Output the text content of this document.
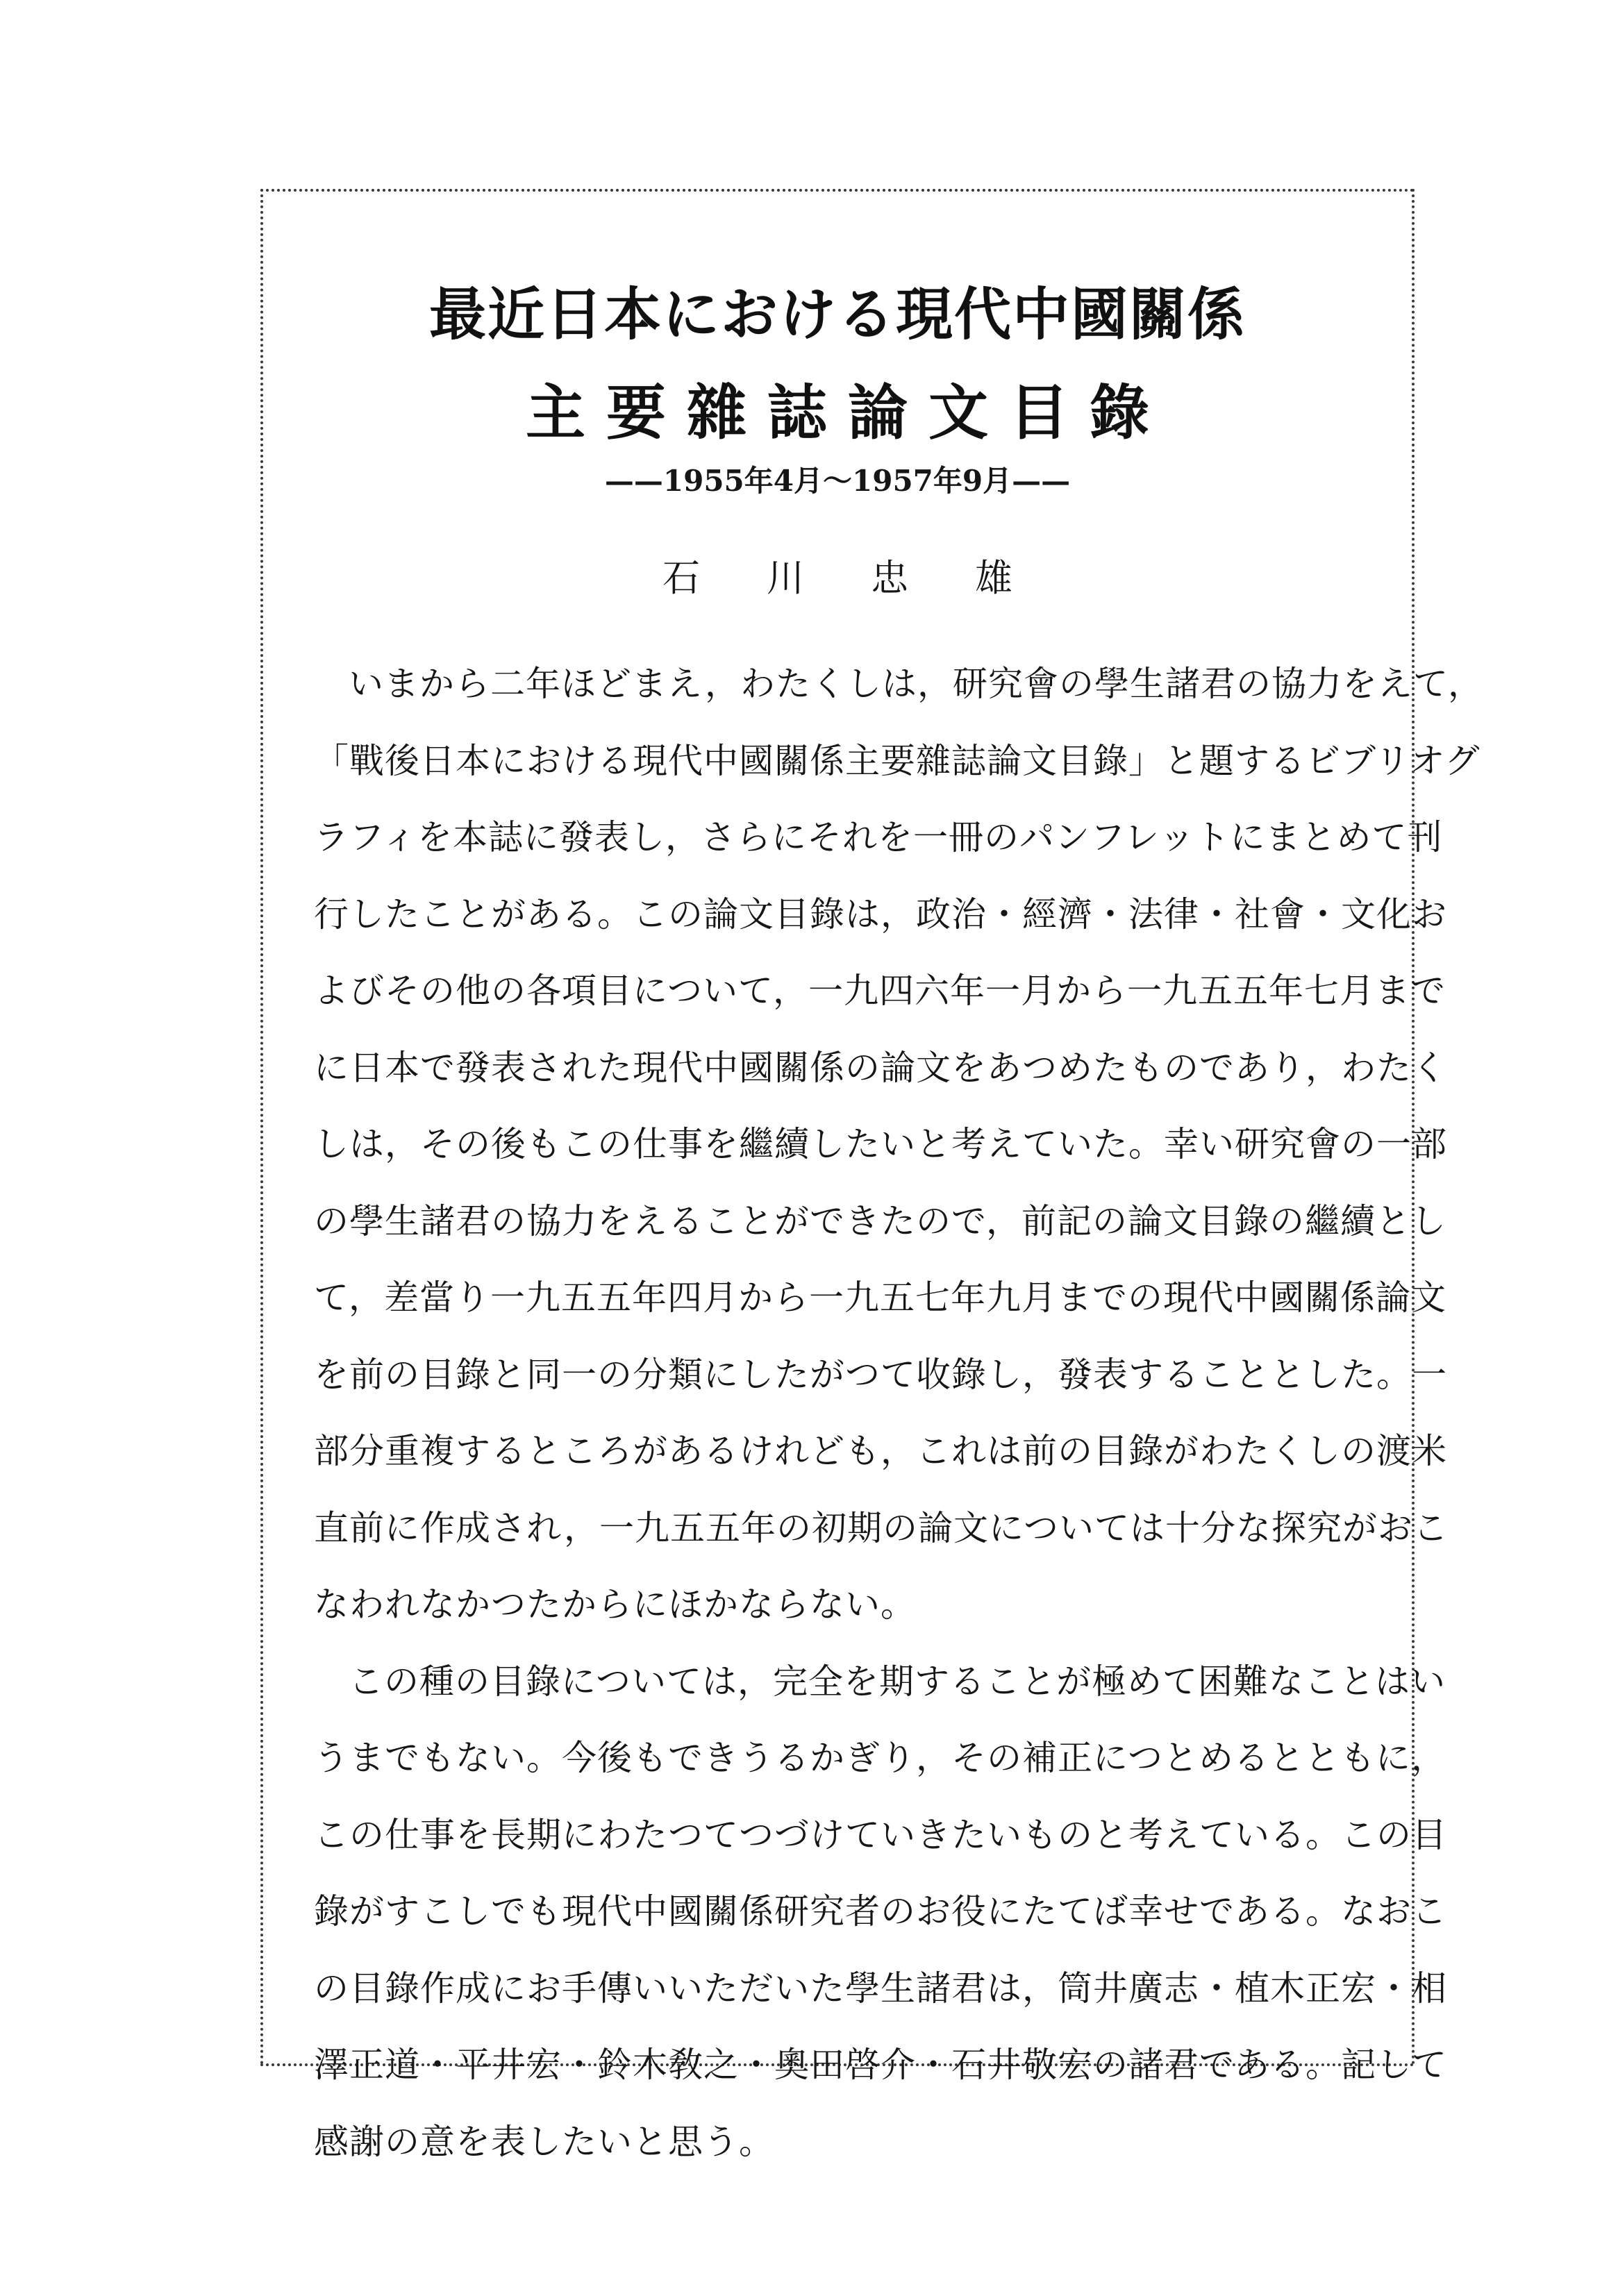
最近日本における現代中國關係
主要雜誌論文目錄
——1955年4月〜1957年9月——
石川忠雄
いまから二年ほどまえ，わたくしは，研究會の學生諸君の協力をえて，
「戰後日本における現代中國關係主要雜誌論文目錄」と題するビブリオグ
ラフィを本誌に發表し，さらにそれを一冊のパンフレットにまとめて刊
行したことがある。この論文目錄は，政治・經濟・法律・社會・文化お
よびその他の各項目について，一九四六年一月から一九五五年七月まで
に日本で發表された現代中國關係の論文をあつめたものであり，わたく
しは，その後もこの仕事を繼續したいと考えていた。幸い研究會の一部
の學生諸君の協力をえることができたので，前記の論文目錄の繼續とし
て，差當り一九五五年四月から一九五七年九月までの現代中國關係論文
を前の目錄と同一の分類にしたがつて收錄し，發表することとした。一
部分重複するところがあるけれども，これは前の目錄がわたくしの渡米
直前に作成され，一九五五年の初期の論文については十分な探究がおこ
なわれなかつたからにほかならない。
この種の目錄については，完全を期することが極めて困難なことはい
うまでもない。今後もできうるかぎり，その補正につとめるとともに，
この仕事を長期にわたつてつづけていきたいものと考えている。この目
錄がすこしでも現代中國關係研究者のお役にたてば幸せである。なおこ
の目錄作成にお手傳いいただいた學生諸君は，筒井廣志・植木正宏・相
澤正道・平井宏・鈴木敎之・奧田啓介・石井敬宏の諸君である。記して
感謝の意を表したいと思う。
